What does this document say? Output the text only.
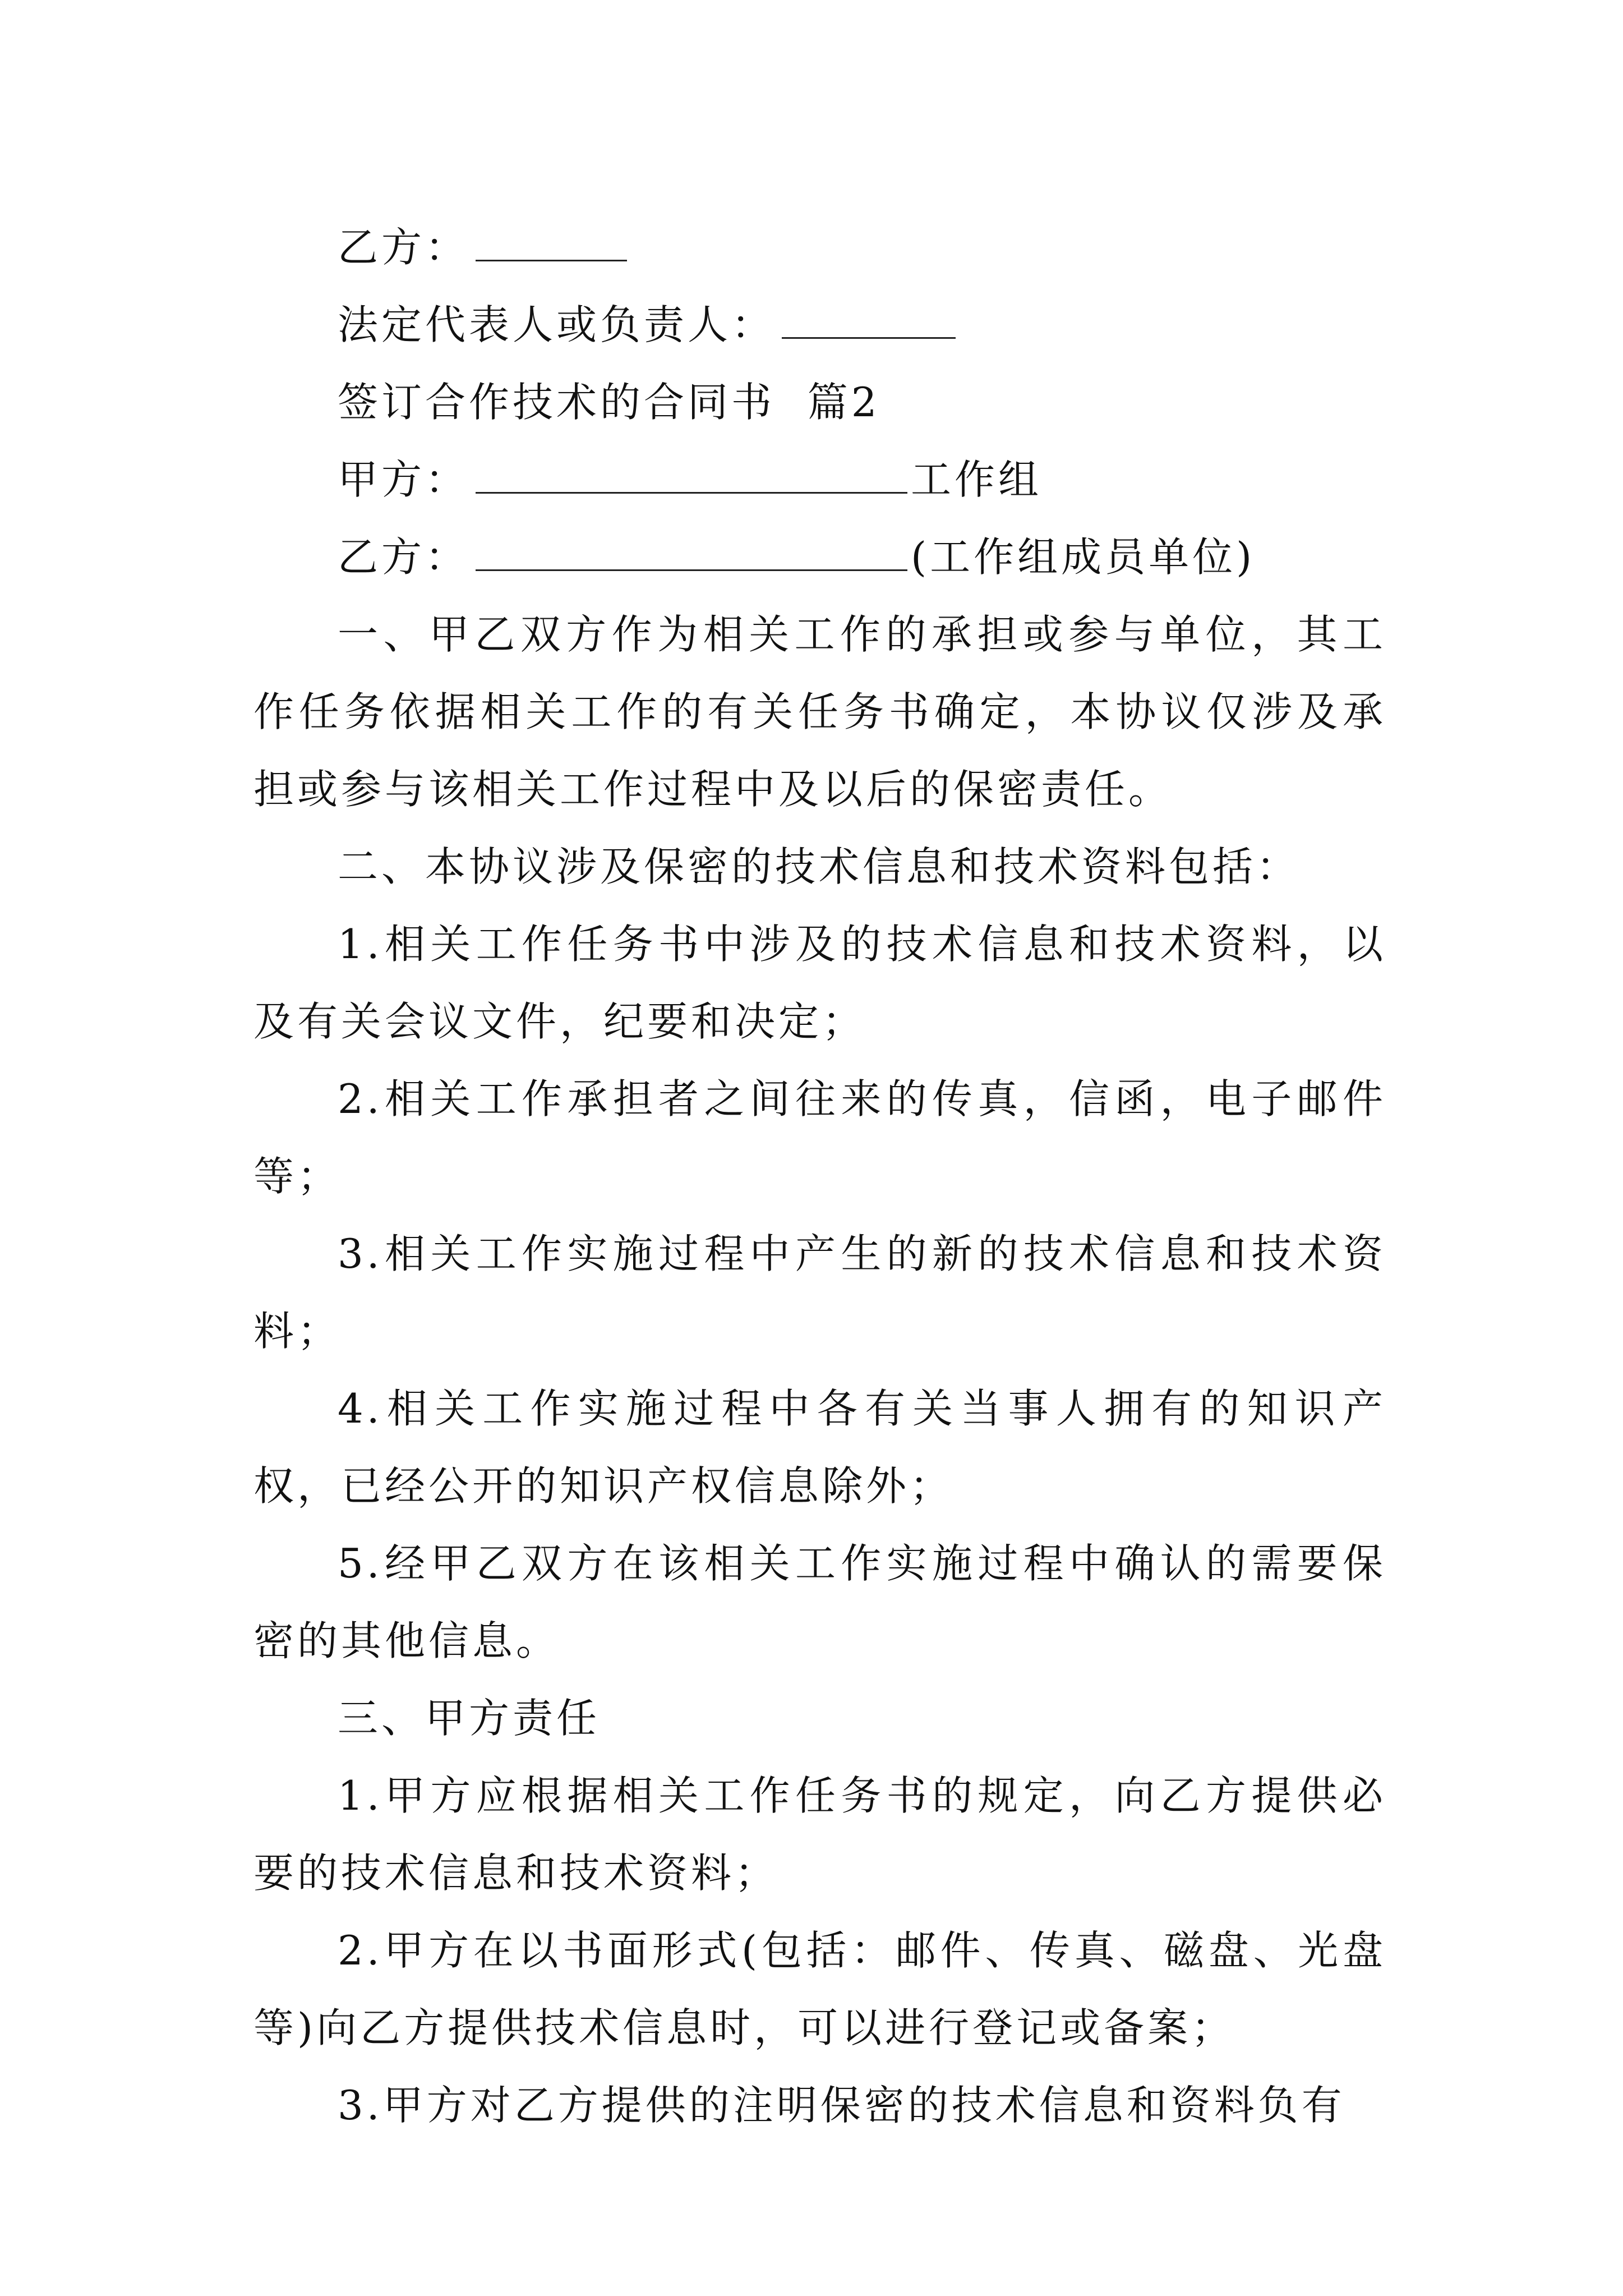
乙方：

法定代表人或负责人：

签订合作技术的合同书  篇2

甲方：	工作组

乙方：	(工作组成员单位)

一、甲乙双方作为相关工作的承担或参与单位，其工作任务依据相关工作的有关任务书确定，本协议仅涉及承担或参与该相关工作过程中及以后的保密责任。

二、本协议涉及保密的技术信息和技术资料包括：

1.相关工作任务书中涉及的技术信息和技术资料，以及有关会议文件，纪要和决定；

2.相关工作承担者之间往来的传真，信函，电子邮件等；

3.相关工作实施过程中产生的新的技术信息和技术资料；

4.相关工作实施过程中各有关当事人拥有的知识产权，已经公开的知识产权信息除外；

5.经甲乙双方在该相关工作实施过程中确认的需要保密的其他信息。

三、甲方责任

1.甲方应根据相关工作任务书的规定，向乙方提供必要的技术信息和技术资料；

2.甲方在以书面形式(包括：邮件、传真、磁盘、光盘等)向乙方提供技术信息时，可以进行登记或备案；

3.甲方对乙方提供的注明保密的技术信息和资料负有
